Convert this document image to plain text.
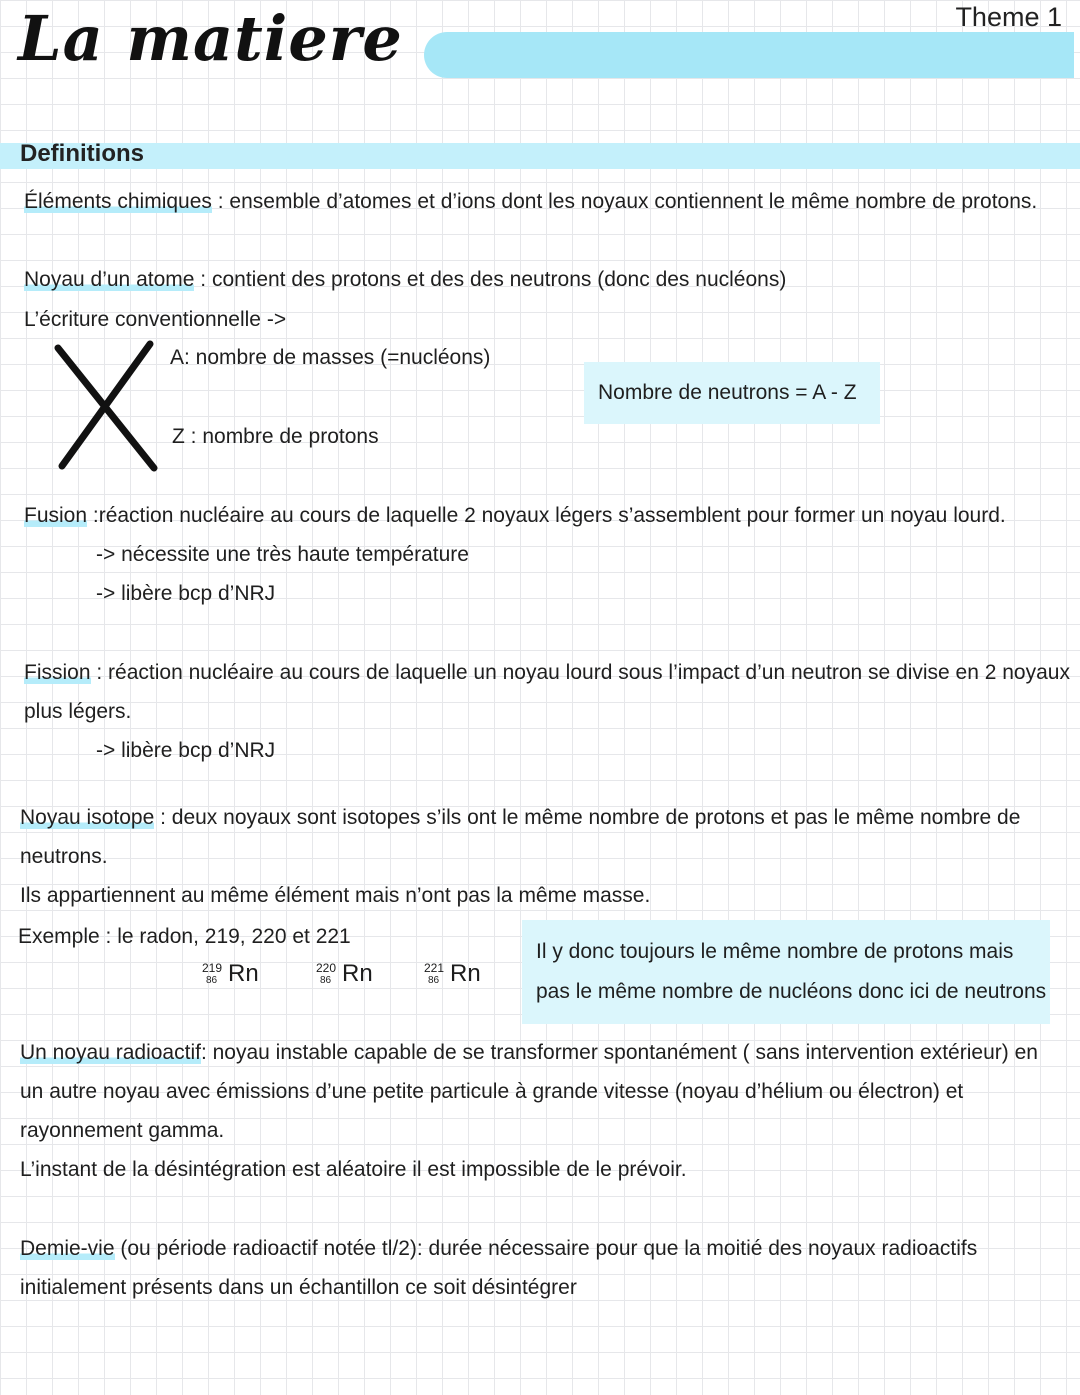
La matiere	Theme 1
Definitions
Éléments chimiques : ensemble d’atomes et d’ions dont les noyaux contiennent le même nombre de protons.
Noyau d’un atome : contient des protons et des des neutrons (donc des nucléons)
L’écriture conventionnelle ->
A: nombre de masses (=nucléons)
Z : nombre de protons
Nombre de neutrons = A - Z
Fusion :réaction nucléaire au cours de laquelle 2 noyaux légers s’assemblent pour former un noyau lourd.
-> nécessite une très haute température
-> libère bcp d’NRJ
Fission : réaction nucléaire au cours de laquelle un noyau lourd sous l’impact d’un neutron se divise en 2 noyaux
plus légers.
-> libère bcp d’NRJ
Noyau isotope : deux noyaux sont isotopes s’ils ont le même nombre de protons et pas le même nombre de
neutrons.
Ils appartiennent au même élément mais n’ont pas la même masse.
Exemple : le radon, 219, 220 et 221
219
86 Rn	220
86 Rn	221
86 Rn
Il y donc toujours le même nombre de protons mais
pas le même nombre de nucléons donc ici de neutrons
Un noyau radioactif: noyau instable capable de se transformer spontanément ( sans intervention extérieur) en
un autre noyau avec émissions d’une petite particule à grande vitesse (noyau d’hélium ou électron) et
rayonnement gamma.
L’instant de la désintégration est aléatoire il est impossible de le prévoir.
Demie-vie (ou période radioactif notée tl/2): durée nécessaire pour que la moitié des noyaux radioactifs
initialement présents dans un échantillon ce soit désintégrer
